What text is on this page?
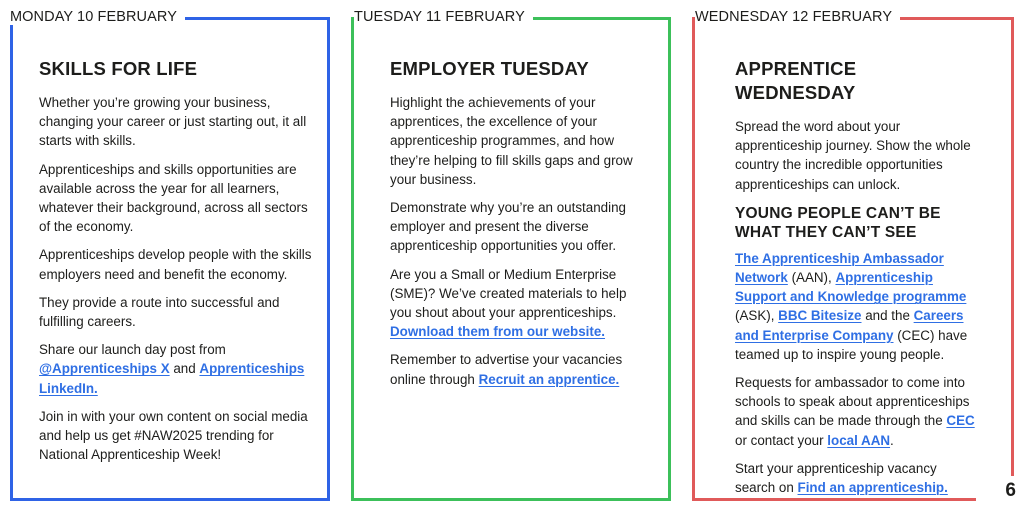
MONDAY 10 FEBRUARY
SKILLS FOR LIFE

Whether you’re growing your business, changing your career or just starting out, it all starts with skills.

Apprenticeships and skills opportunities are available across the year for all learners, whatever their background, across all sectors of the economy.

Apprenticeships develop people with the skills employers need and benefit the economy.

They provide a route into successful and fulfilling careers.

Share our launch day post from @Apprenticeships X and Apprenticeships LinkedIn.

Join in with your own content on social media and help us get #NAW2025 trending for National Apprenticeship Week!

TUESDAY 11 FEBRUARY
EMPLOYER TUESDAY

Highlight the achievements of your apprentices, the excellence of your apprenticeship programmes, and how they’re helping to fill skills gaps and grow your business.

Demonstrate why you’re an outstanding employer and present the diverse apprenticeship opportunities you offer.

Are you a Small or Medium Enterprise (SME)? We’ve created materials to help you shout about your apprenticeships. Download them from our website.

Remember to advertise your vacancies online through Recruit an apprentice.

WEDNESDAY 12 FEBRUARY
APPRENTICE WEDNESDAY

Spread the word about your apprenticeship journey. Show the whole country the incredible opportunities apprenticeships can unlock.

YOUNG PEOPLE CAN’T BE WHAT THEY CAN’T SEE

The Apprenticeship Ambassador Network (AAN), Apprenticeship Support and Knowledge programme (ASK), BBC Bitesize and the Careers and Enterprise Company (CEC) have teamed up to inspire young people.

Requests for ambassador to come into schools to speak about apprenticeships and skills can be made through the CEC or contact your local AAN.

Start your apprenticeship vacancy search on Find an apprenticeship.	6
